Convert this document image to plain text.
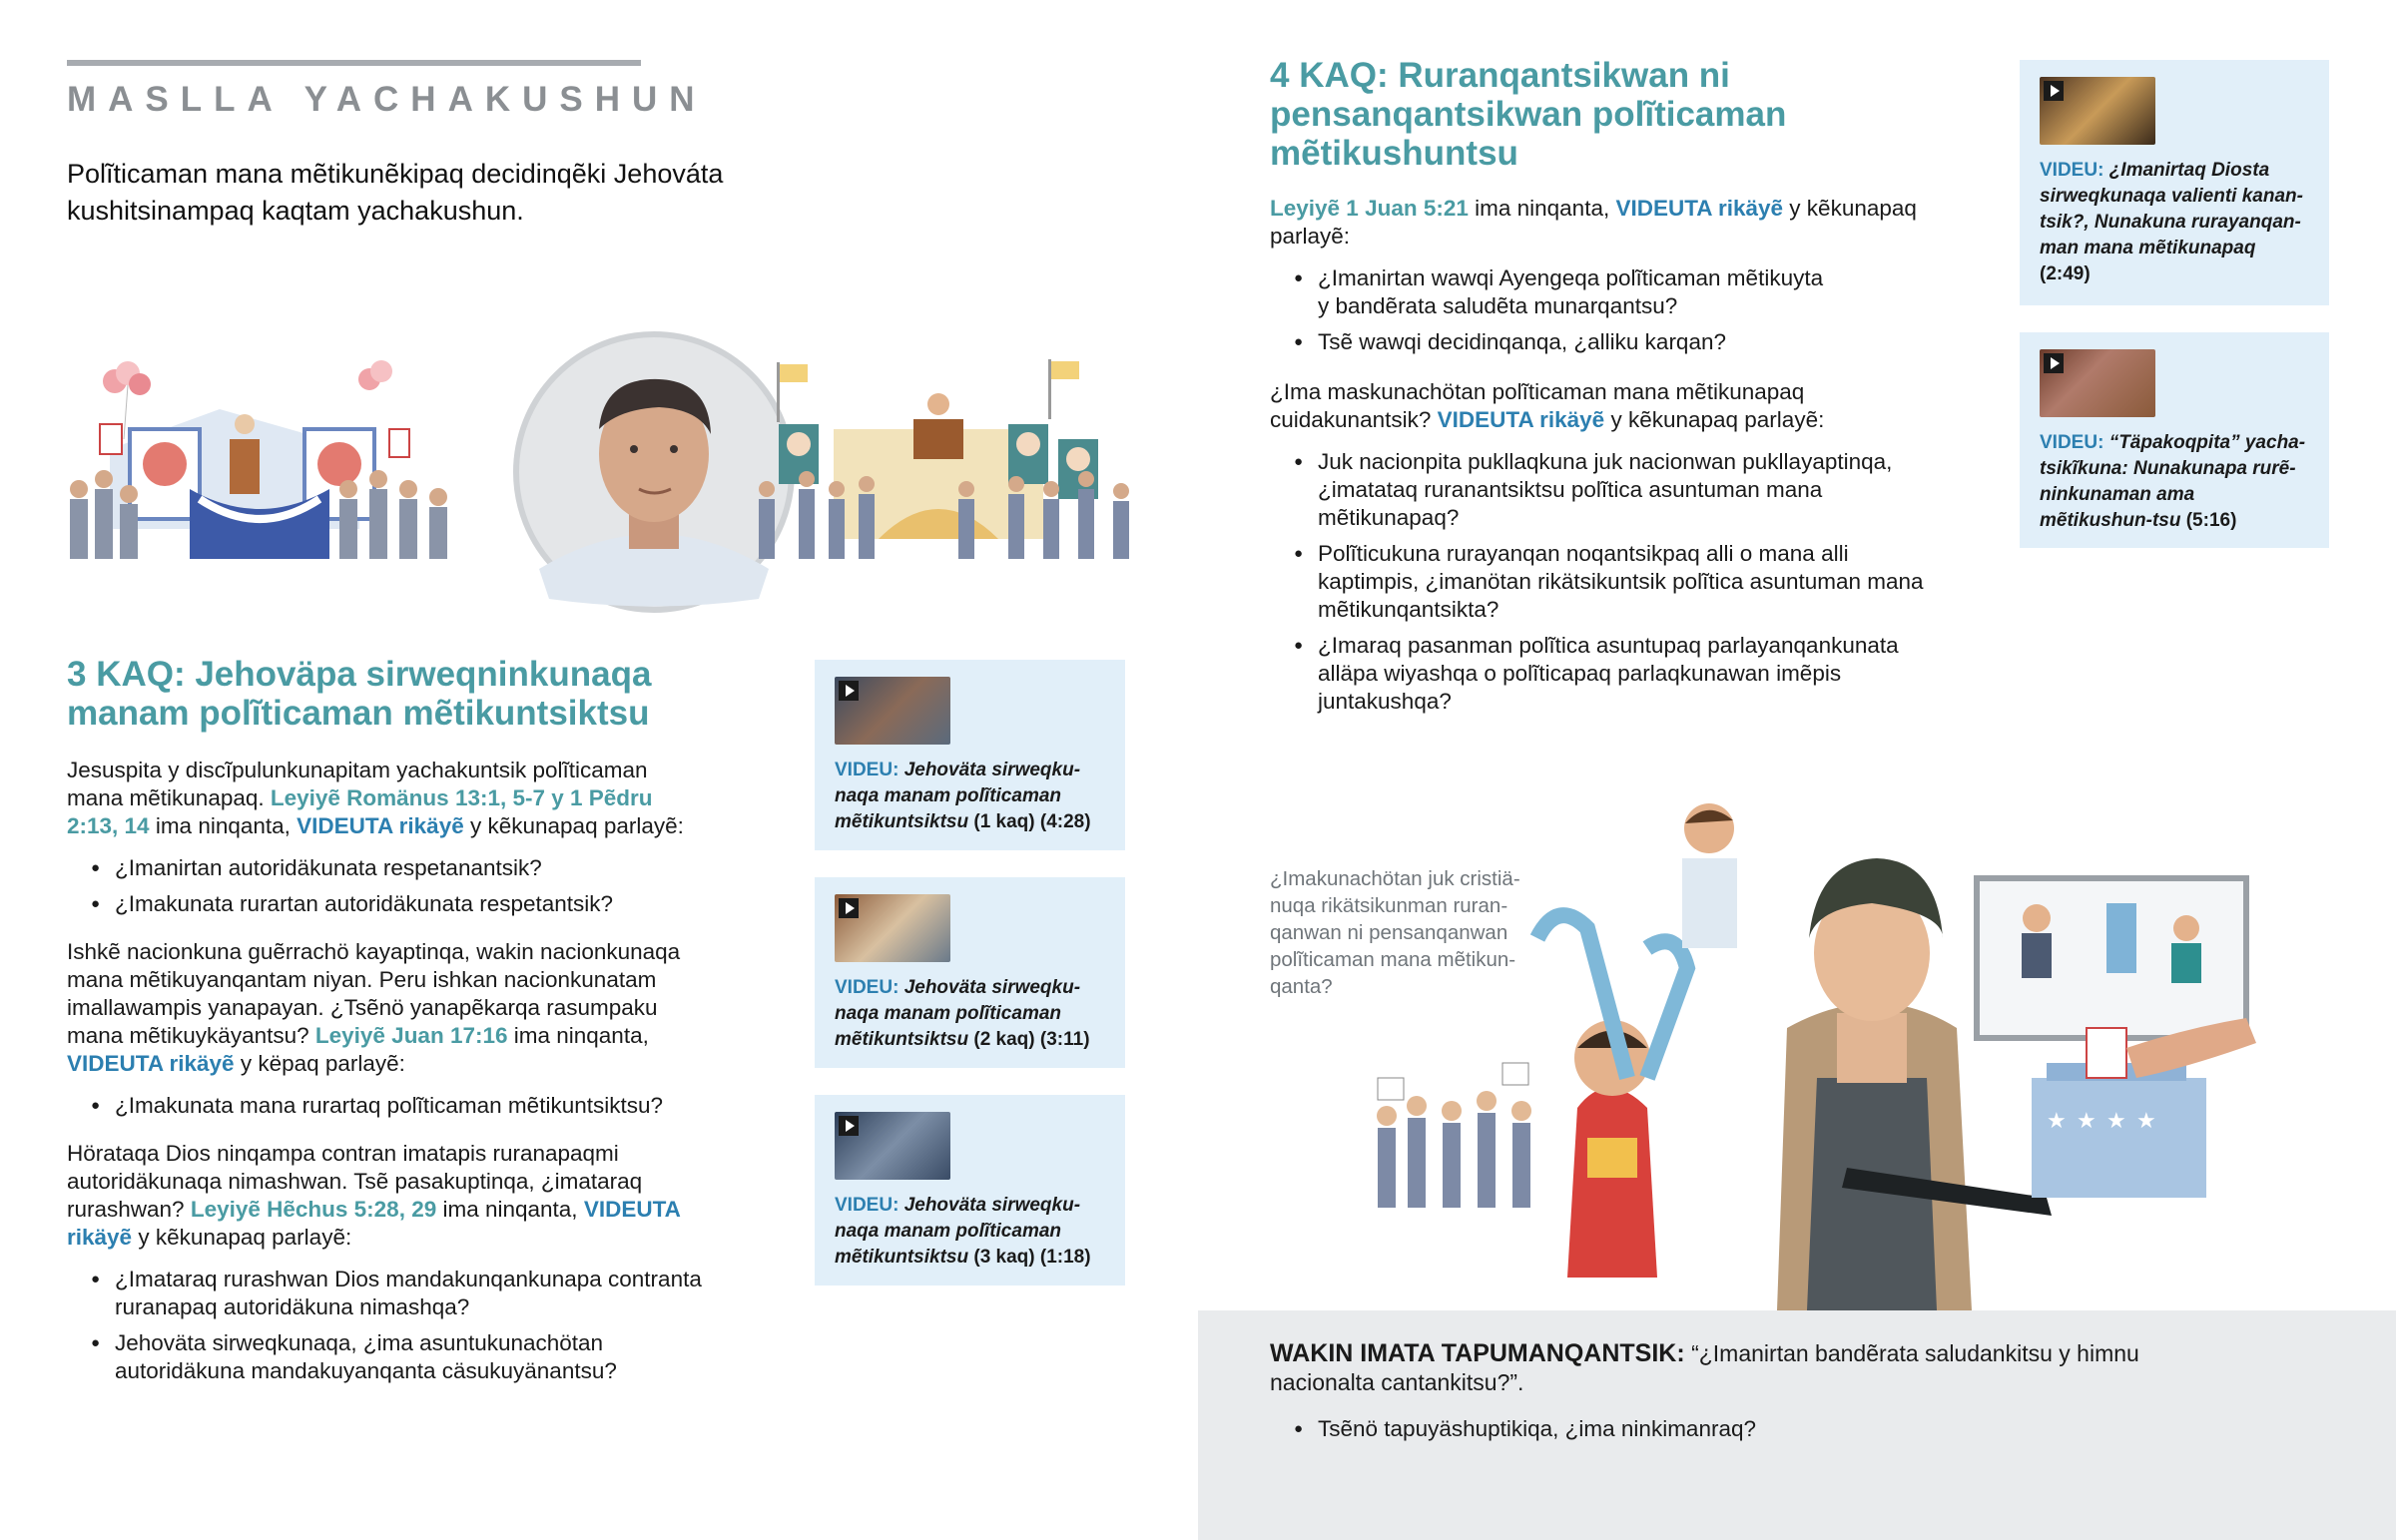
MASLLA YACHAKUSHUN
Polĩticaman mana mẽtikunẽkipaq decidinqẽki Jehováta kushitsinampaq kaqtam yachakushun.
3 KAQ: Jehoväpa sirweqninkunaqa
manam polĩticaman mẽtikuntsiktsu

Jesuspita y discĩpulunkunapitam yachakuntsik polĩticaman mana mẽtikunapaq. Leyiyẽ Romänus 13:1, 5-7 y 1 Pẽdru 2:13, 14 ima ninqanta, VIDEUTA rikäyẽ y kẽkunapaq parlayẽ:

● ¿Imanirtan autoridäkunata respetanantsik?
● ¿Imakunata rurartan autoridäkunata respetantsik?

Ishkẽ nacionkuna guẽrrachö kayaptinqa, wakin nacionkunaqa mana mẽtikuyanqantam niyan. Peru ishkan nacionkunatam imallawampis yanapayan. ¿Tsẽnö yanapẽkarqa rasumpaku mana mẽtikuykäyantsu? Leyiyẽ Juan 17:16 ima ninqanta, VIDEUTA rikäyẽ y këpaq parlayẽ:

● ¿Imakunata mana rurartaq polĩticaman mẽtikuntsiktsu?

Hörataqa Dios ninqampa contran imatapis ruranapaqmi autoridäkunaqa nimashwan. Tsẽ pasakuptinqa, ¿imataraq rurashwan? Leyiyẽ Hẽchus 5:28, 29 ima ninqanta, VIDEUTA rikäyẽ y kẽkunapaq parlayẽ:

● ¿Imataraq rurashwan Dios mandakunqankunapa contranta ruranapaq autoridäkuna nimashqa?
● Jehoväta sirweqkunaqa, ¿ima asuntukunachötan autoridäkuna mandakuyanqanta cäsukuyänantsu?
VIDEU: Jehoväta sirweqku-naqa manam polĩticaman mẽtikuntsiktsu (1 kaq) (4:28)
VIDEU: Jehoväta sirweqku-naqa manam polĩticaman mẽtikuntsiktsu (2 kaq) (3:11)
VIDEU: Jehoväta sirweqku-naqa manam polĩticaman mẽtikuntsiktsu (3 kaq) (1:18)
4 KAQ: Ruranqantsikwan ni
pensanqantsikwan polĩticaman
mẽtikushuntsu

Leyiyẽ 1 Juan 5:21 ima ninqanta, VIDEUTA rikäyẽ y kẽkunapaq parlayẽ:

● ¿Imanirtan wawqi Ayengeqa polĩticaman mẽtikuyta y bandẽrata saludẽta munarqantsu?
● Tsẽ wawqi decidinqanqa, ¿alliku karqan?

¿Ima maskunachötan polĩticaman mana mẽtikunapaq cuidakunantsik? VIDEUTA rikäyẽ y kẽkunapaq parlayẽ:

● Juk nacionpita pukllaqkuna juk nacionwan pukllayaptinqa, ¿imatataq ruranantsiktsu polĩtica asuntuman mana mẽtikunapaq?
● Polĩticukuna rurayanqan noqantsikpaq alli o mana alli kaptimpis, ¿imanötan rikätsikuntsik polĩtica asuntuman mana mẽtikunqantsikta?
● ¿Imaraq pasanman polĩtica asuntupaq parlayanqankunata alläpa wiyashqa o polĩticapaq parlaqkunawan imẽpis juntakushqa?
VIDEU: ¿Imanirtaq Diosta sirweqkunaqa valienti kanan-tsik?, Nunakuna rurayanqan-man mana mẽtikunapaq (2:49)
VIDEU: “Täpakoqpita” yacha-tsikĩkuna: Nunakunapa rurẽ-ninkunaman ama mẽtikushun-tsu (5:16)
★ ★ ★ ★
¿Imakunachötan juk cristiä-nuqa rikätsikunman ruran-qanwan ni pensanqanwan polĩticaman mana mẽtikun-qanta?

WAKIN IMATA TAPUMANQANTSIK: “¿Imanirtan bandẽrata saludankitsu y himnu nacionalta cantankitsu?”.

● Tsẽnö tapuyäshuptikiqa, ¿ima ninkimanraq?
